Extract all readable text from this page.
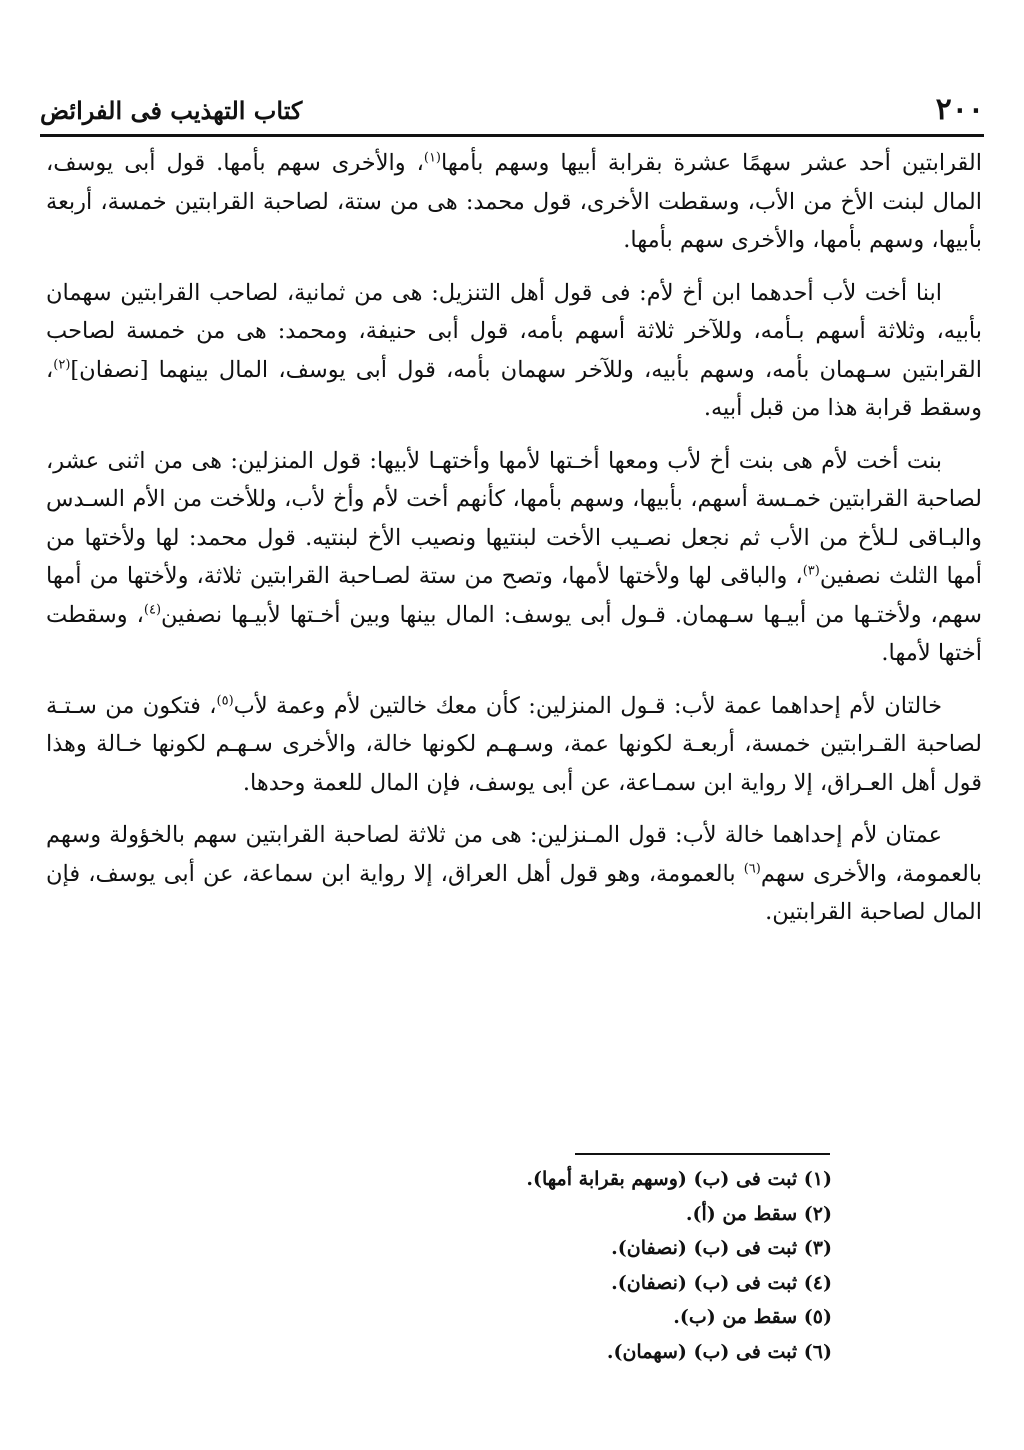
٢٠٠
كتاب التهذيب فى الفرائض

القرابتين أحد عشر سهمًا عشرة بقرابة أبيها وسهم بأمها$^{(١)}$، والأخرى سهم بأمها. قول أبى يوسف، المال لبنت الأخ من الأب، وسقطت الأخرى، قول محمد: هى من ستة، لصاحبة القرابتين خمسة، أربعة بأبيها، وسهم بأمها، والأخرى سهم بأمها.

ابنا أخت لأب أحدهما ابن أخ لأم: فى قول أهل التنزيل: هى من ثمانية، لصاحب القرابتين سهمان بأبيه، وثلاثة أسهم بـأمه، وللآخر ثلاثة أسهم بأمه، قول أبى حنيفة، ومحمد: هى من خمسة لصاحب القرابتين سـهمان بأمه، وسهم بأبيه، وللآخر سهمان بأمه، قول أبى يوسف، المال بينهما [نصفان]$^{(٢)}$، وسقط قرابة هذا من قبل أبيه.

بنت أخت لأم هى بنت أخ لأب ومعها أخـتها لأمها وأختهـا لأبيها: قول المنزلين: هى من اثنى عشر، لصاحبة القرابتين خمـسة أسهم، بأبيها، وسهم بأمها، كأنهم أخت لأم وأخ لأب، وللأخت من الأم السـدس والبـاقى لـلأخ من الأب ثم نجعل نصـيب الأخت لبنتيها ونصيب الأخ لبنتيه. قول محمد: لها ولأختها من أمها الثلث نصفين$^{(٣)}$، والباقى لها ولأختها لأمها، وتصح من ستة لصـاحبة القرابتين ثلاثة، ولأختها من أمها سهم، ولأختـها من أبيـها سـهمان. قـول أبى يوسف: المال بينها وبين أخـتها لأبيـها نصفين$^{(٤)}$، وسقطت أختها لأمها.

خالتان لأم إحداهما عمة لأب: قـول المنزلين: كأن معك خالتين لأم وعمة لأب$^{(٥)}$، فتكون من سـتـة لصاحبة القـرابتين خمسة، أربعـة لكونها عمة، وسـهـم لكونها خالة، والأخرى سـهـم لكونها خـالة وهذا قول أهل العـراق، إلا رواية ابن سمـاعة، عن أبى يوسف، فإن المال للعمة وحدها.

عمتان لأم إحداهما خالة لأب: قول المـنزلين: هى من ثلاثة لصاحبة القرابتين سهم بالخؤولة وسهم بالعمومة، والأخرى سهم$^{(٦)}$ بالعمومة، وهو قول أهل العراق، إلا رواية ابن سماعة، عن أبى يوسف، فإن المال لصاحبة القرابتين.

(١) ثبت فى (ب) (وسهم بقرابة أمها).
(٢) سقط من (أ).
(٣) ثبت فى (ب) (نصفان).
(٤) ثبت فى (ب) (نصفان).
(٥) سقط من (ب).
(٦) ثبت فى (ب) (سهمان).
